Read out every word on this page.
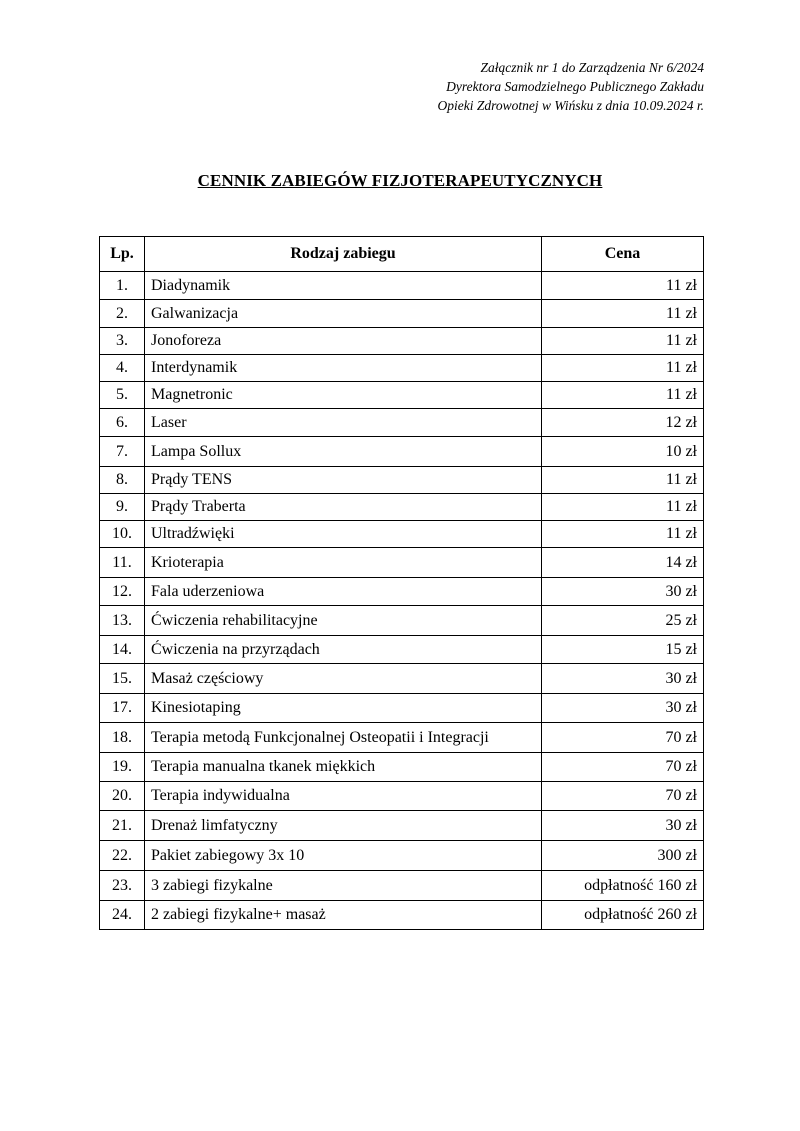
Załącznik nr 1 do Zarządzenia Nr 6/2024
Dyrektora Samodzielnego Publicznego Zakładu
Opieki Zdrowotnej w Wińsku z dnia 10.09.2024 r.
CENNIK ZABIEGÓW FIZJOTERAPEUTYCZNYCH
Lp.	Rodzaj zabiegu	Cena
1.	Diadynamik	11 zł
2.	Galwanizacja	11 zł
3.	Jonoforeza	11 zł
4.	Interdynamik	11 zł
5.	Magnetronic	11 zł
6.	Laser	12 zł
7.	Lampa Sollux	10 zł
8.	Prądy TENS	11 zł
9.	Prądy Traberta	11 zł
10.	Ultradźwięki	11 zł
11.	Krioterapia	14 zł
12.	Fala uderzeniowa	30 zł
13.	Ćwiczenia rehabilitacyjne	25 zł
14.	Ćwiczenia na przyrządach	15 zł
15.	Masaż częściowy	30 zł
17.	Kinesiotaping	30 zł
18.	Terapia metodą Funkcjonalnej Osteopatii i Integracji	70 zł
19.	Terapia manualna tkanek miękkich	70 zł
20.	Terapia indywidualna	70 zł
21.	Drenaż limfatyczny	30 zł
22.	Pakiet zabiegowy 3x 10	300 zł
23.	3 zabiegi fizykalne	odpłatność 160 zł
24.	2 zabiegi fizykalne+ masaż	odpłatność 260 zł
